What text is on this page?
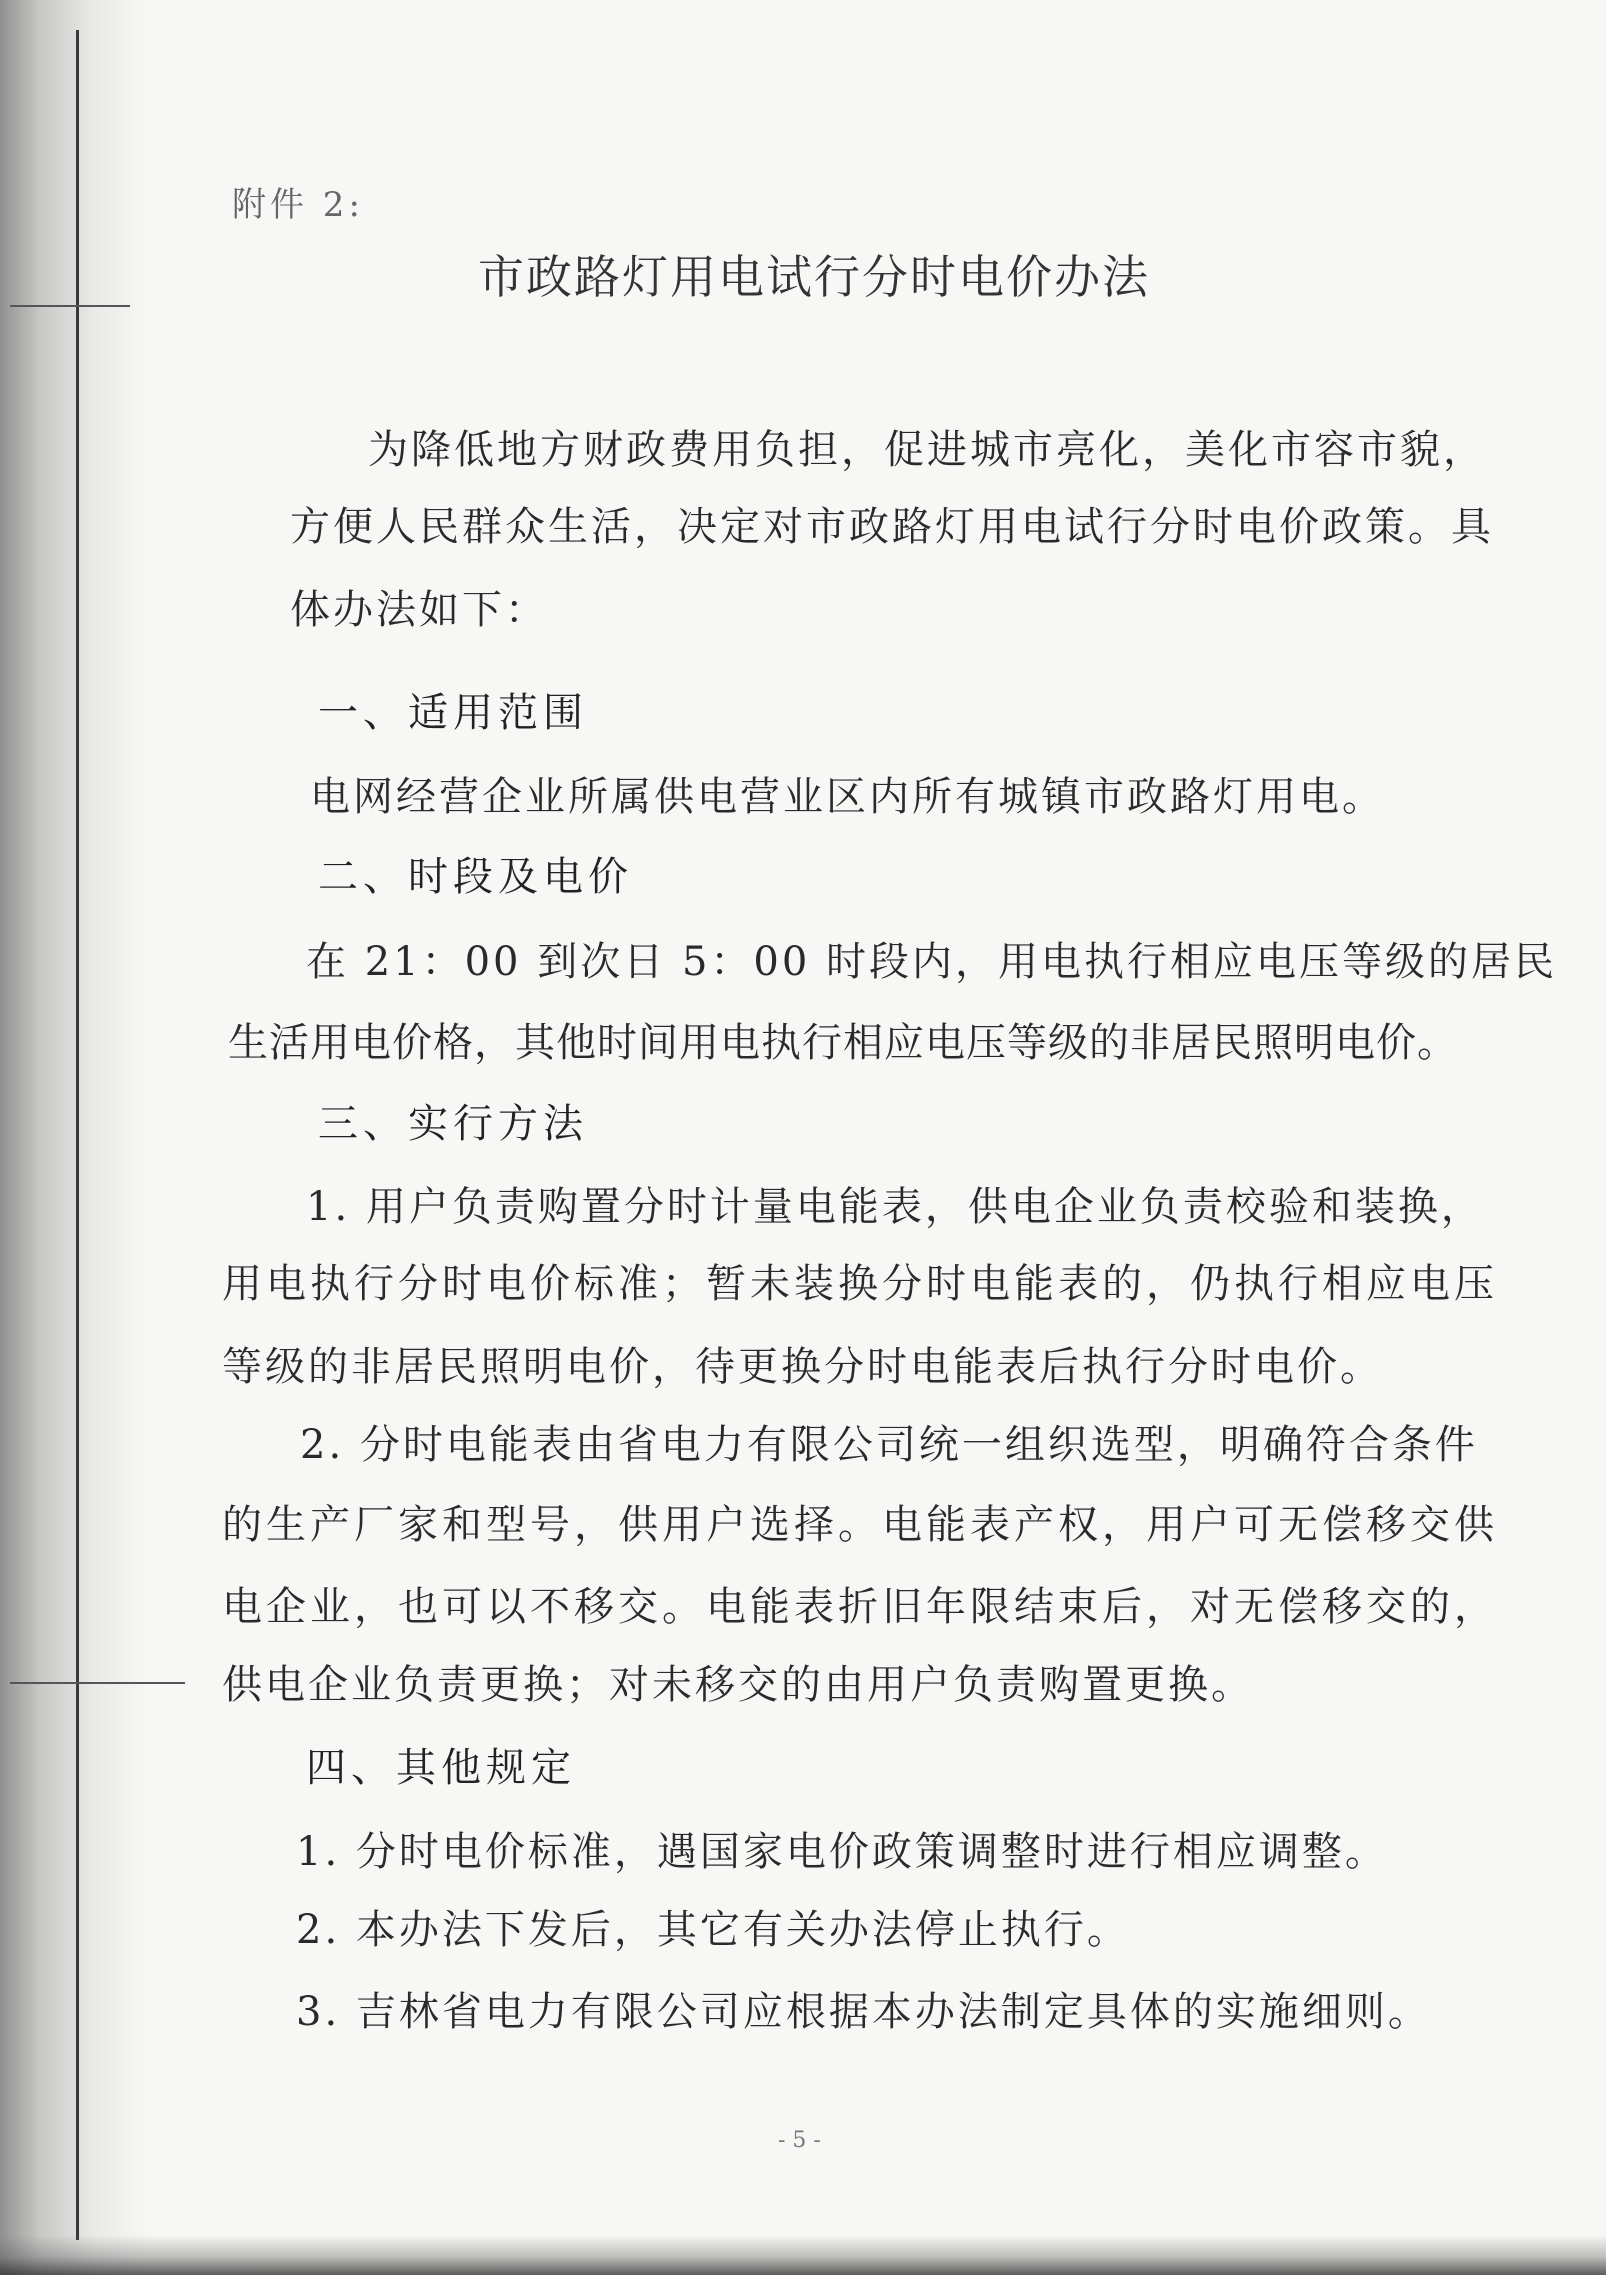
附件 2:
市政路灯用电试行分时电价办法
为降低地方财政费用负担，促进城市亮化，美化市容市貌，
方便人民群众生活，决定对市政路灯用电试行分时电价政策。具
体办法如下：
一、适用范围
电网经营企业所属供电营业区内所有城镇市政路灯用电。
二、时段及电价
在 21：00 到次日 5：00 时段内，用电执行相应电压等级的居民
生活用电价格，其他时间用电执行相应电压等级的非居民照明电价。
三、实行方法
1. 用户负责购置分时计量电能表，供电企业负责校验和装换，
用电执行分时电价标准；暂未装换分时电能表的，仍执行相应电压
等级的非居民照明电价，待更换分时电能表后执行分时电价。
2. 分时电能表由省电力有限公司统一组织选型，明确符合条件
的生产厂家和型号，供用户选择。电能表产权，用户可无偿移交供
电企业，也可以不移交。电能表折旧年限结束后，对无偿移交的，
供电企业负责更换；对未移交的由用户负责购置更换。
四、其他规定
1. 分时电价标准，遇国家电价政策调整时进行相应调整。
2. 本办法下发后，其它有关办法停止执行。
3. 吉林省电力有限公司应根据本办法制定具体的实施细则。
- 5 -
